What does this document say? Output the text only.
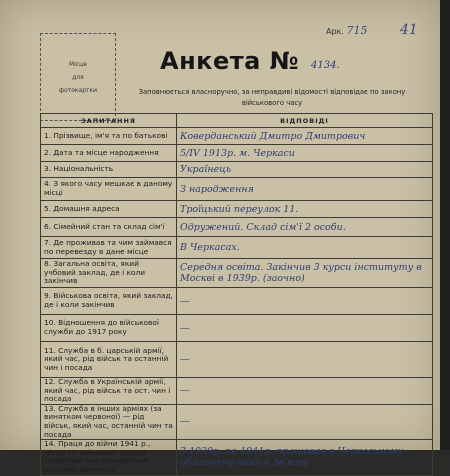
Місце
для
фотокартки
Арк. 715 41
Анкета № 4134.
Заповнюється власноручно, за неправдиві відомості відповідає по закону військового часу
ЗАПИТАННЯ	ВІДПОВІДІ
1. Прізвище, ім'я та по батькові	Коверданський Дмитро Дмитрович
2. Дата та місце народження	5/IV 1913р. м. Черкаси
3. Національність	Українець
4. З якого часу мешкає в даному місці	З народження
5. Домашня адреса	Троїцький переулок 11.
6. Сімейний стан та склад сім'ї	Одружений. Склад сім'ї 2 особи.
7. Де проживав та чим займався по перевезду в дане місце	В Черкасах.
8. Загальна освіта, який учбовий заклад, де і коли закінчив	Середня освіта. Закінчив 3 курси інституту в Москві в 1939р. (заочно)
9. Військова освіта, який заклад, де і коли закінчив	—
10. Відношення до військової служби до 1917 року	—
11. Служба в б. царській армії, який час, рід військ та останній чин і посада	—
12. Служба в Українській армії, який час, рід військ та ост. чин і посада	—
13. Служба в інших арміях (за винятком червоної) — рід військ, який час, останній чин та посада	—
14. Праця до війни 1941 р., місце та займаема посада (короткий але конкретний перелік) якими по	З 1939р. по 1941р. працював в Черкаському обласному відділі Зв'язку
